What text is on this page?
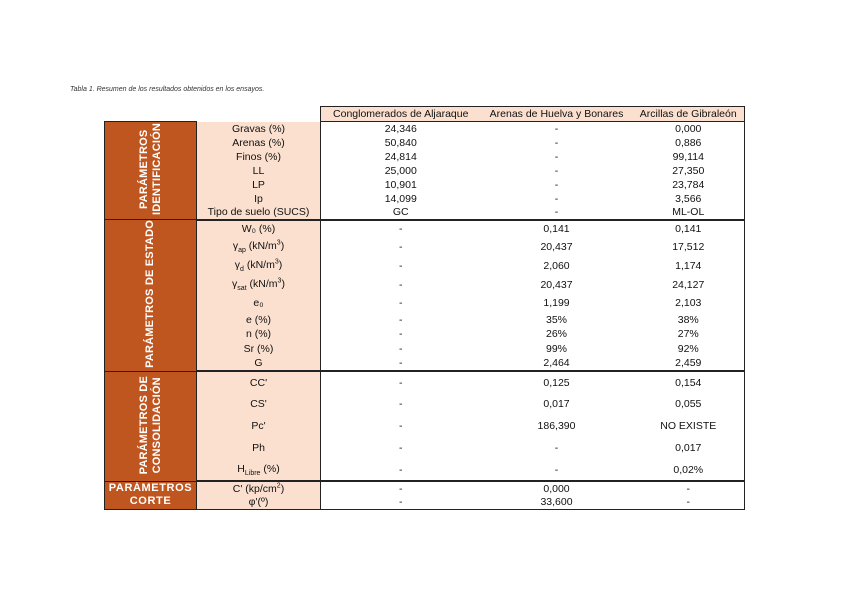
Tabla 1. Resumen de los resultados obtenidos en los ensayos.
		Conglomerados de Aljaraque	Arenas de Huelva y Bonares	Arcillas de Gibraleón

PARÁMETROS IDENTIFICACIÓN	Gravas (%)	24,346	-	0,000
	Arenas (%)	50,840	-	0,886
	Finos (%)	24,814	-	99,114
	LL	25,000	-	27,350
	LP	10,901	-	23,784
	Ip	14,099	-	3,566
	Tipo de suelo (SUCS)	GC	-	ML-OL

PARÁMETROS DE ESTADO	W₀ (%)	-	0,141	0,141
	$\gamma_{ap}$ $(kN/m^3)$	-	20,437	17,512
	$\gamma_d$ $(kN/m^3)$	-	2,060	1,174
	$\gamma_{sat}$ $(kN/m^3)$	-	20,437	24,127
	e₀	-	1,199	2,103
	e (%)	-	35%	38%
	n (%)	-	26%	27%
	Sr (%)	-	99%	92%
	G	-	2,464	2,459

PARÁMETROS DE CONSOLIDACIÓN	CC'	-	0,125	0,154
	CS'	-	0,017	0,055
	Pc'	-	186,390	NO EXISTE
	Ph	-	-	0,017
	$H_{Libre}$ (%)	-	-	0,02%

PARÁMETROS
CORTE	C' $(kp/cm^2)$	-	0,000	-
	φ'(º)	-	33,600	-
